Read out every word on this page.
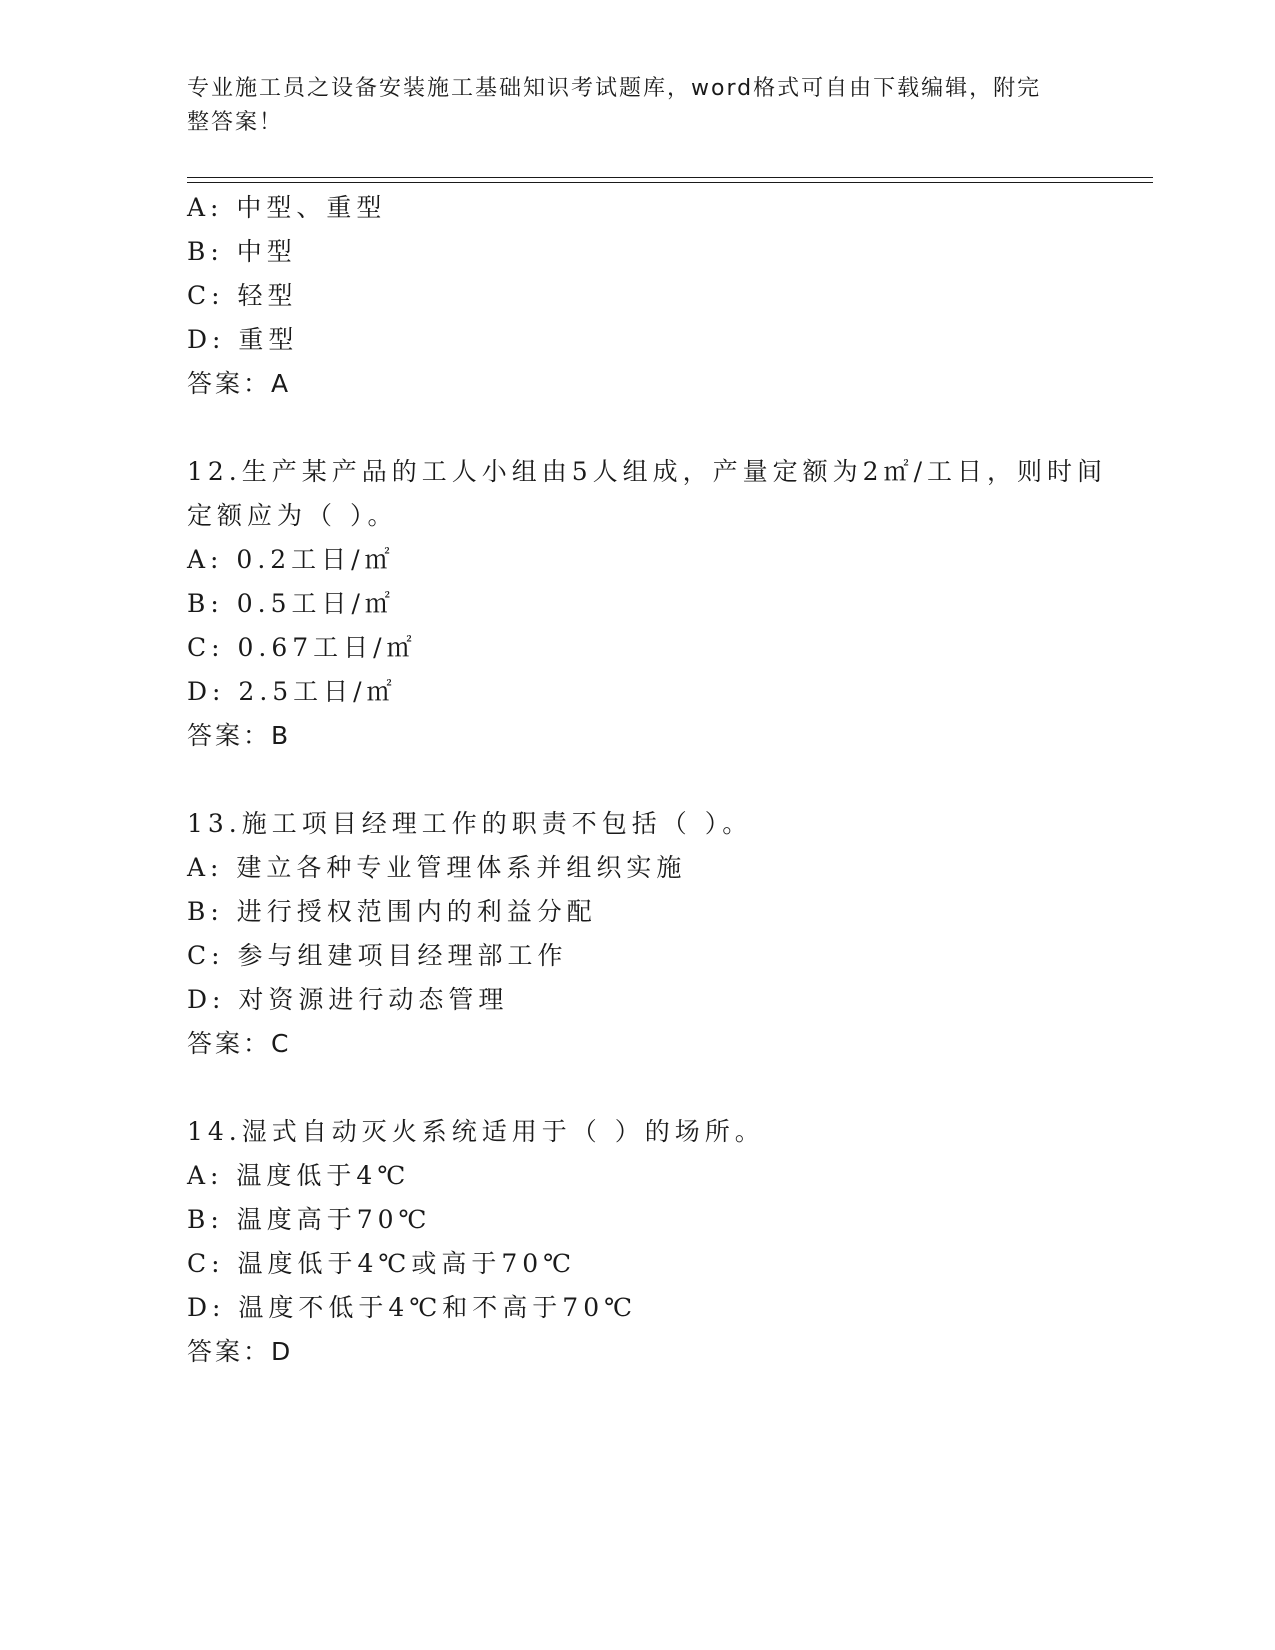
专业施工员之设备安装施工基础知识考试题库，word格式可自由下载编辑，附完
整答案！
A: 中型、重型
B: 中型
C: 轻型
D: 重型
答案：A
12.生产某产品的工人小组由5人组成，产量定额为2㎡/工日，则时间
定额应为（ ）。
A: 0.2工日/㎡
B: 0.5工日/㎡
C: 0.67工日/㎡
D: 2.5工日/㎡
答案：B
13.施工项目经理工作的职责不包括（ ）。
A: 建立各种专业管理体系并组织实施
B: 进行授权范围内的利益分配
C: 参与组建项目经理部工作
D: 对资源进行动态管理
答案：C
14.湿式自动灭火系统适用于（ ）的场所。
A: 温度低于4℃
B: 温度高于70℃
C: 温度低于4℃或高于70℃
D: 温度不低于4℃和不高于70℃
答案：D
